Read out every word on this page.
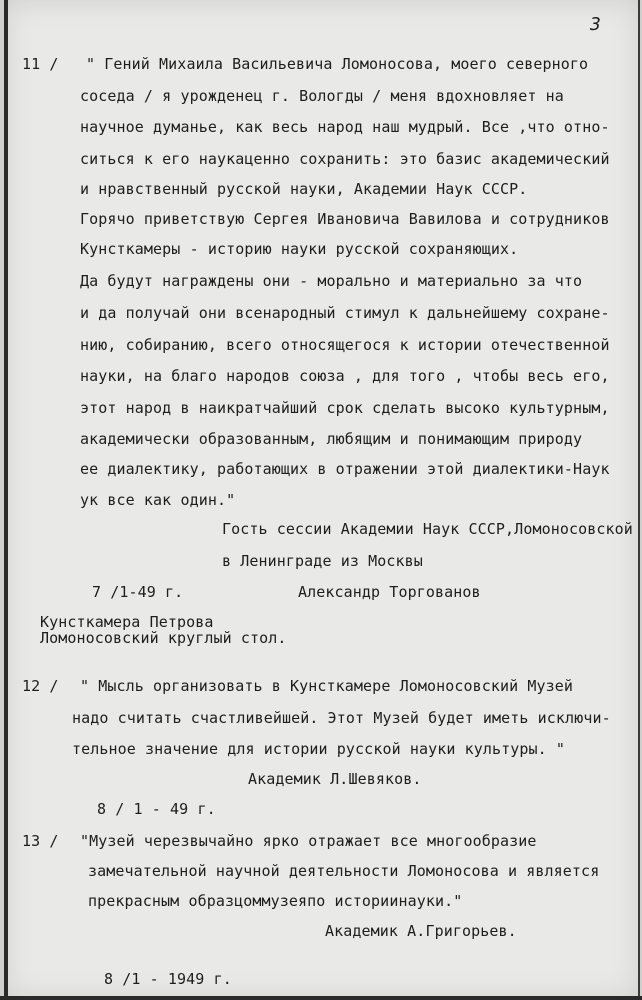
3
11 / " Гений Михаила Васильевича Ломоносова, моего северного
соседа / я урожденец г. Вологды / меня вдохновляет на
научное думанье, как весь народ наш мудрый. Все ,что отно-
ситься к его наукаценно сохранить: это базис академический
и нравственный русской науки, Академии Наук СССР.
Горячо приветствую Сергея Ивановича Вавилова и сотрудников
Кунсткамеры - историю науки русской сохраняющих.
Да будут награждены они - морально и материально за что
и да получай они всенародный стимул к дальнейшему сохране-
нию, собиранию, всего относящегося к истории отечественной
науки, на благо народов союза , для того , чтобы весь его,
этот народ в наикратчайший срок сделать высоко культурным,
академически образованным, любящим и понимающим природу
ее диалектику, работающих в отражении этой диалектики-Наук
ук все как один."
Гость сессии Академии Наук СССР,Ломоносовской
в Ленинграде из Москвы
7 /1-49 г.	Александр Торгованов
Кунсткамера Петрова
Ломоносовский круглый стол.
12 / " Мысль организовать в Кунсткамере Ломоносовский Музей
надо считать счастливейшей. Этот Музей будет иметь исключи-
тельное значение для истории русской науки культуры. "
Академик Л.Шевяков.
8 / 1 - 49 г.
13 / "Музей черезвычайно ярко отражает все многообразие
замечательной научной деятельности Ломоносова и является
прекрасным образцоммузеяпо историинауки."
Академик А.Григорьев.
8 /1 - 1949 г.
